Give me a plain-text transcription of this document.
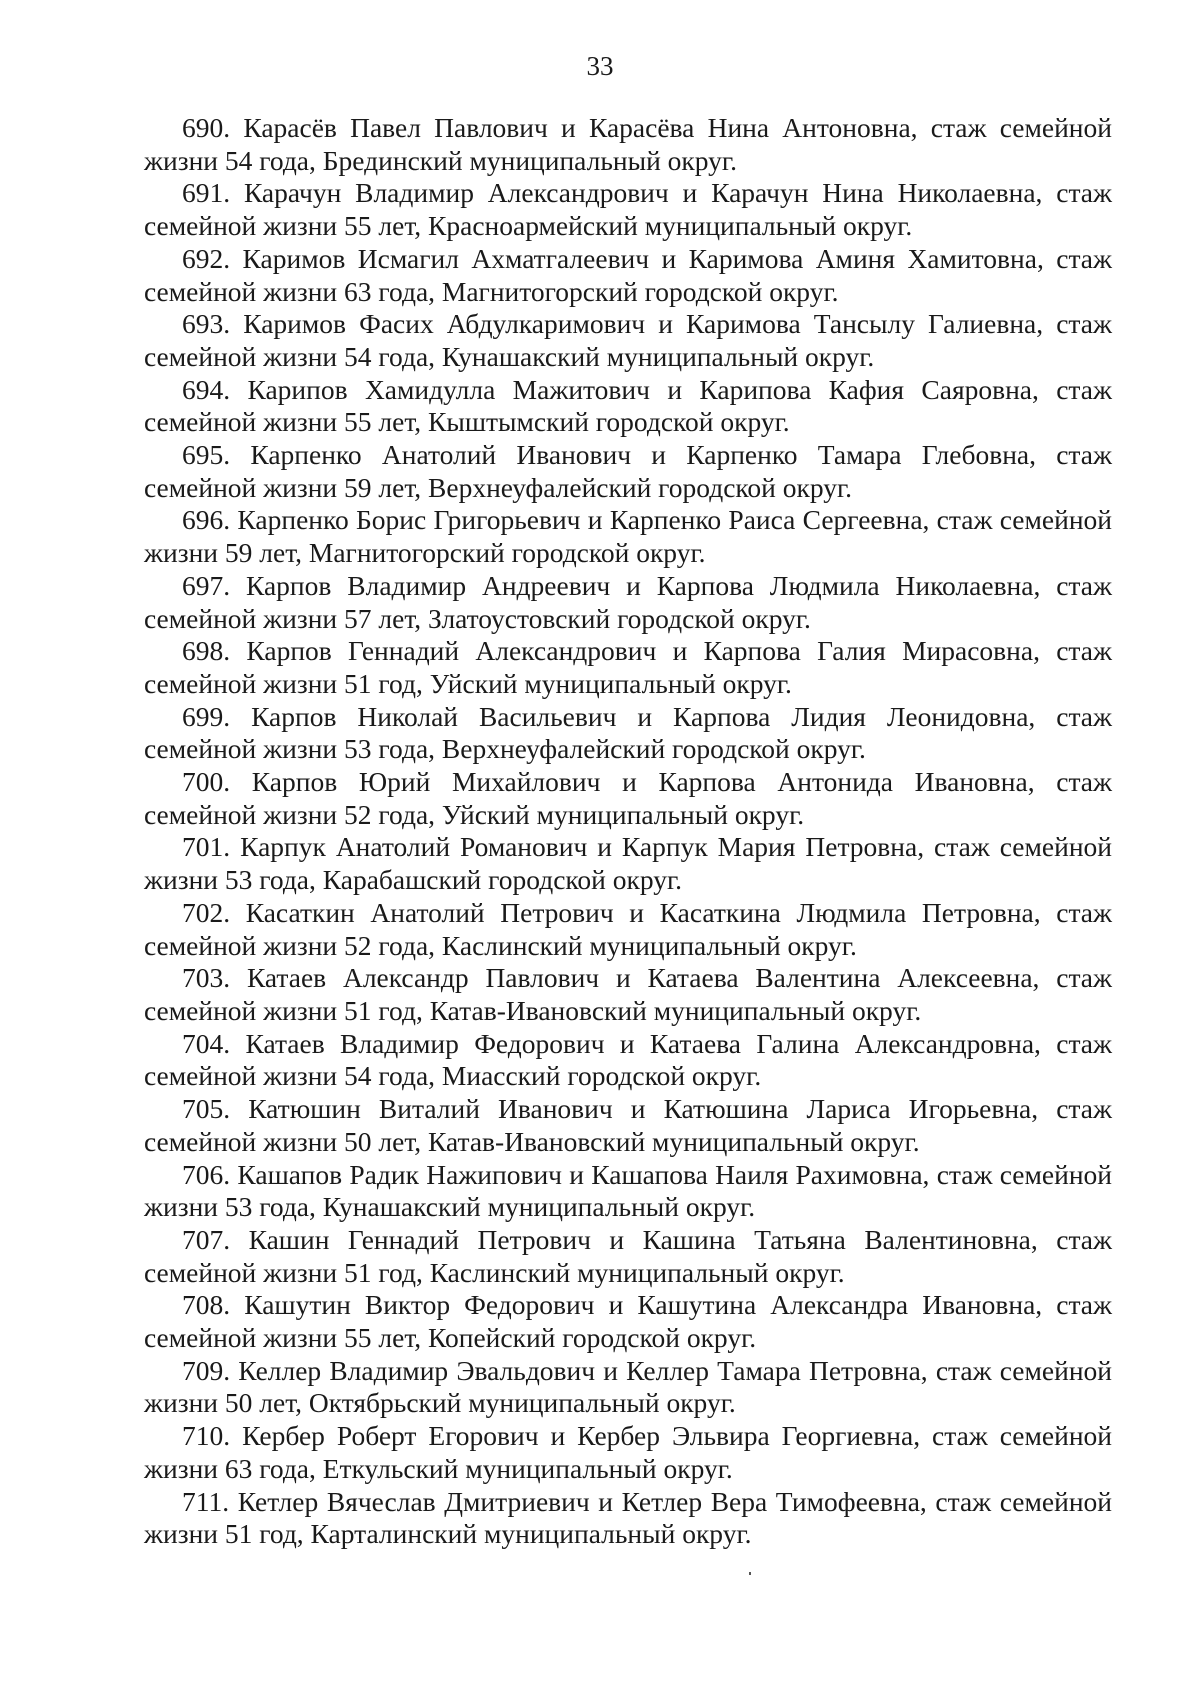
33

690. Карасёв Павел Павлович и Карасёва Нина Антоновна, стаж семейной жизни 54 года, Брединский муниципальный округ.

691. Карачун Владимир Александрович и Карачун Нина Николаевна, стаж семейной жизни 55 лет, Красноармейский муниципальный округ.

692. Каримов Исмагил Ахматгалеевич и Каримова Аминя Хамитовна, стаж семейной жизни 63 года, Магнитогорский городской округ.

693. Каримов Фасих Абдулкаримович и Каримова Тансылу Галиевна, стаж семейной жизни 54 года, Кунашакский муниципальный округ.

694. Карипов Хамидулла Мажитович и Карипова Кафия Саяровна, стаж семейной жизни 55 лет, Кыштымский городской округ.

695. Карпенко Анатолий Иванович и Карпенко Тамара Глебовна, стаж семейной жизни 59 лет, Верхнеуфалейский городской округ.

696. Карпенко Борис Григорьевич и Карпенко Раиса Сергеевна, стаж семейной жизни 59 лет, Магнитогорский городской округ.

697. Карпов Владимир Андреевич и Карпова Людмила Николаевна, стаж семейной жизни 57 лет, Златоустовский городской округ.

698. Карпов Геннадий Александрович и Карпова Галия Мирасовна, стаж семейной жизни 51 год, Уйский муниципальный округ.

699. Карпов Николай Васильевич и Карпова Лидия Леонидовна, стаж семейной жизни 53 года, Верхнеуфалейский городской округ.

700. Карпов Юрий Михайлович и Карпова Антонида Ивановна, стаж семейной жизни 52 года, Уйский муниципальный округ.

701. Карпук Анатолий Романович и Карпук Мария Петровна, стаж семейной жизни 53 года, Карабашский городской округ.

702. Касаткин Анатолий Петрович и Касаткина Людмила Петровна, стаж семейной жизни 52 года, Каслинский муниципальный округ.

703. Катаев Александр Павлович и Катаева Валентина Алексеевна, стаж семейной жизни 51 год, Катав-Ивановский муниципальный округ.

704. Катаев Владимир Федорович и Катаева Галина Александровна, стаж семейной жизни 54 года, Миасский городской округ.

705. Катюшин Виталий Иванович и Катюшина Лариса Игорьевна, стаж семейной жизни 50 лет, Катав-Ивановский муниципальный округ.

706. Кашапов Радик Нажипович и Кашапова Наиля Рахимовна, стаж семейной жизни 53 года, Кунашакский муниципальный округ.

707. Кашин Геннадий Петрович и Кашина Татьяна Валентиновна, стаж семейной жизни 51 год, Каслинский муниципальный округ.

708. Кашутин Виктор Федорович и Кашутина Александра Ивановна, стаж семейной жизни 55 лет, Копейский городской округ.

709. Келлер Владимир Эвальдович и Келлер Тамара Петровна, стаж семейной жизни 50 лет, Октябрьский муниципальный округ.

710. Кербер Роберт Егорович и Кербер Эльвира Георгиевна, стаж семейной жизни 63 года, Еткульский муниципальный округ.

711. Кетлер Вячеслав Дмитриевич и Кетлер Вера Тимофеевна, стаж семейной жизни 51 год, Карталинский муниципальный округ.
